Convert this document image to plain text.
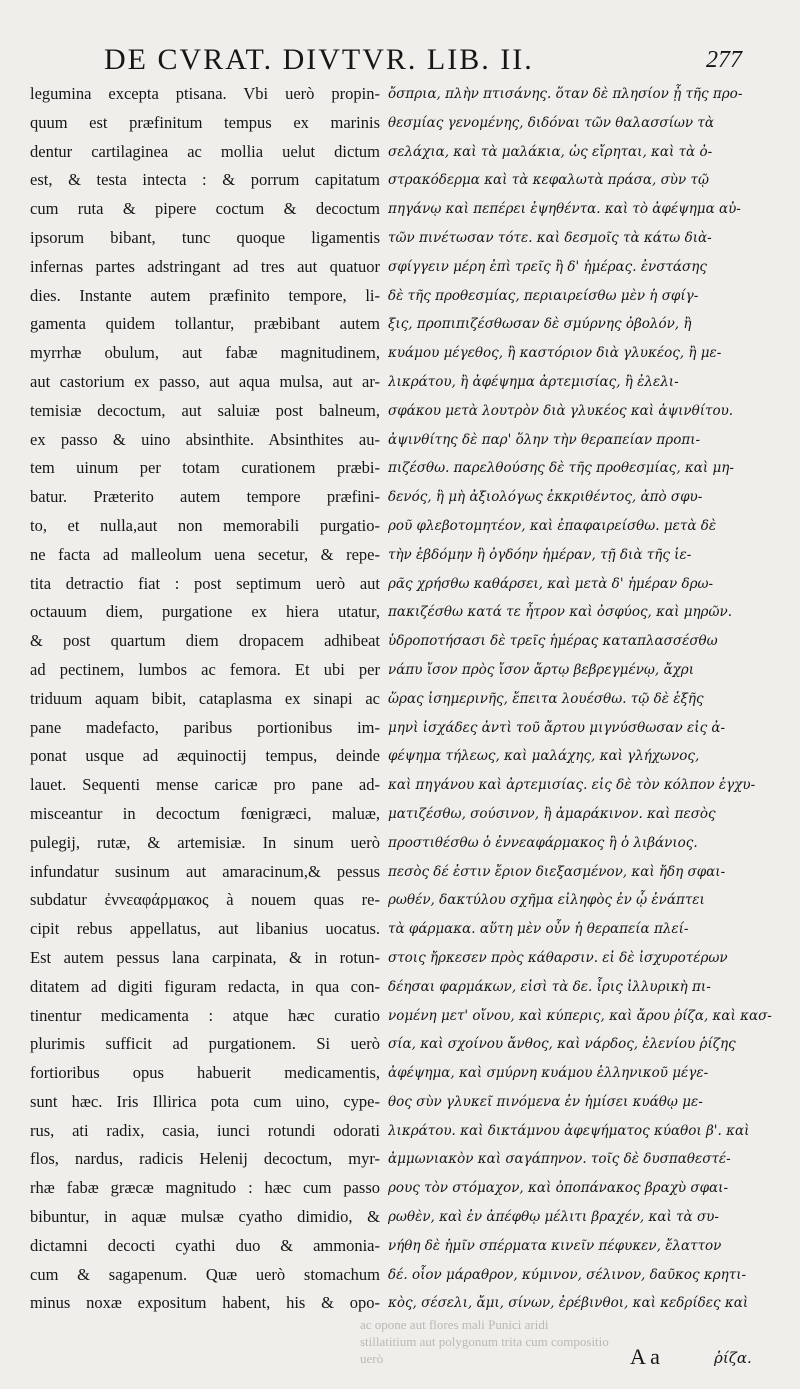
DE CVRAT. DIVTVR. LIB. II.	277
legumina excepta ptisana. Vbi uerò propin-
quum est præfinitum tempus ex marinis
dentur cartilaginea ac mollia uelut dictum
est, & testa intecta : & porrum capitatum
cum ruta & pipere coctum & decoctum
ipsorum bibant, tunc quoque ligamentis
infernas partes adstringant ad tres aut quatuor
dies. Instante autem præfinito tempore, li-
gamenta quidem tollantur, præbibant autem
myrrhæ obulum, aut fabæ magnitudinem,
aut castorium ex passo, aut aqua mulsa, aut ar-
temisiæ decoctum, aut saluiæ post balneum,
ex passo & uino absinthite. Absinthites au-
tem uinum per totam curationem præbi-
batur. Præterito autem tempore præfini-
to, et nulla,aut non memorabili purgatio-
ne facta ad malleolum uena secetur, & repe-
tita detractio fiat : post septimum uerò aut
octauum diem, purgatione ex hiera utatur,
& post quartum diem dropacem adhibeat
ad pectinem, lumbos ac femora. Et ubi per
triduum aquam bibit, cataplasma ex sinapi ac
pane madefacto, paribus portionibus im-
ponat usque ad æquinoctij tempus, deinde
lauet. Sequenti mense caricæ pro pane ad-
misceantur in decoctum fœnigræci, maluæ,
pulegij, rutæ, & artemisiæ. In sinum uerò
infundatur susinum aut amaracinum,& pessus
subdatur ἐννεαφάρμακος à nouem quas re-
cipit rebus appellatus, aut libanius uocatus.
Est autem pessus lana carpinata, & in rotun-
ditatem ad digiti figuram redacta, in qua con-
tinentur medicamenta : atque hæc curatio
plurimis sufficit ad purgationem. Si uerò
fortioribus opus habuerit medicamentis,
sunt hæc. Iris Illirica pota cum uino, cype-
rus, ati radix, casia, iunci rotundi odorati
flos, nardus, radicis Helenij decoctum, myr-
rhæ fabæ græcæ magnitudo : hæc cum passo
bibuntur, in aquæ mulsæ cyatho dimidio, &
dictamni decocti cyathi duo & ammonia-
cum & sagapenum. Quæ uerò stomachum
minus noxæ expositum habent, his & opo-
ὄσπρια, πλὴν πτισάνης. ὅταν δὲ πλησίον ᾖ τῆς προ-
θεσμίας γενομένης, διδόναι τῶν θαλασσίων τὰ
σελάχια, καὶ τὰ μαλάκια, ὡς εἴρηται, καὶ τὰ ὀ-
στρακόδερμα καὶ τὰ κεφαλωτὰ πράσα, σὺν τῷ
πηγάνῳ καὶ πεπέρει ἑψηθέντα. καὶ τὸ ἀφέψημα αὐ-
τῶν πινέτωσαν τότε. καὶ δεσμοῖς τὰ κάτω διὰ-
σφίγγειν μέρη ἐπὶ τρεῖς ἢ δ' ἡμέρας. ἐνστάσης
δὲ τῆς προθεσμίας, περιαιρείσθω μὲν ἡ σφίγ-
ξις, προπιπιζέσθωσαν δὲ σμύρνης ὀβολόν, ἢ
κυάμου μέγεθος, ἢ καστόριον διὰ γλυκέος, ἢ με-
λικράτου, ἢ ἀφέψημα ἀρτεμισίας, ἢ ἐλελι-
σφάκου μετὰ λουτρὸν διὰ γλυκέος καὶ ἀψινθίτου.
ἀψινθίτης δὲ παρ' ὅλην τὴν θεραπείαν προπι-
πιζέσθω. παρελθούσης δὲ τῆς προθεσμίας, καὶ μη-
δενός, ἢ μὴ ἀξιολόγως ἐκκριθέντος, ἀπὸ σφυ-
ροῦ φλεβοτομητέον, καὶ ἐπαφαιρείσθω. μετὰ δὲ
τὴν ἑβδόμην ἢ ὀγδόην ἡμέραν, τῇ διὰ τῆς ἱε-
ρᾶς χρήσθω καθάρσει, καὶ μετὰ δ' ἡμέραν δρω-
πακιζέσθω κατά τε ἦτρον καὶ ὀσφύος, καὶ μηρῶν.
ὑδροποτήσασι δὲ τρεῖς ἡμέρας καταπλασσέσθω
νάπυ ἴσον πρὸς ἴσον ἄρτῳ βεβρεγμένῳ, ἄχρι
ὥρας ἰσημερινῆς, ἔπειτα λουέσθω. τῷ δὲ ἑξῆς
μηνὶ ἰσχάδες ἀντὶ τοῦ ἄρτου μιγνύσθωσαν εἰς ἀ-
φέψημα τήλεως, καὶ μαλάχης, καὶ γλήχωνος,
καὶ πηγάνου καὶ ἀρτεμισίας. εἰς δὲ τὸν κόλπον ἐγχυ-
ματιζέσθω, σούσινον, ἢ ἀμαράκινον. καὶ πεσὸς
προστιθέσθω ὁ ἐννεαφάρμακος ἢ ὁ λιβάνιος.
πεσὸς δέ ἐστιν ἔριον διεξασμένον, καὶ ἤδη σφαι-
ρωθέν, δακτύλου σχῆμα εἰληφὸς ἐν ᾧ ἐνάπτει
τὰ φάρμακα. αὕτη μὲν οὖν ἡ θεραπεία πλεί-
στοις ἤρκεσεν πρὸς κάθαρσιν. εἰ δὲ ἰσχυροτέρων
δέησαι φαρμάκων, εἰσὶ τὰ δε. ἶρις ἰλλυρικὴ πι-
νομένη μετ' οἴνου, καὶ κύπερις, καὶ ἄρου ῥίζα, καὶ κασ-
σία, καὶ σχοίνου ἄνθος, καὶ νάρδος, ἑλενίου ῥίζης
ἀφέψημα, καὶ σμύρνη κυάμου ἑλληνικοῦ μέγε-
θος σὺν γλυκεῖ πινόμενα ἐν ἡμίσει κυάθῳ με-
λικράτου. καὶ δικτάμνου ἀφεψήματος κύαθοι β'. καὶ
ἀμμωνιακὸν καὶ σαγάπηνον. τοῖς δὲ δυσπαθεστέ-
ρους τὸν στόμαχον, καὶ ὀποπάνακος βραχὺ σφαι-
ρωθὲν, καὶ ἐν ἀπέφθῳ μέλιτι βραχέν, καὶ τὰ συ-
νήθη δὲ ἡμῖν σπέρματα κινεῖν πέφυκεν, ἔλαττον
δέ. οἷον μάραθρον, κύμινον, σέλινον, δαῦκος κρητι-
κὸς, σέσελι, ἄμι, σίνων, ἐρέβινθοι, καὶ κεδρίδες καὶ
ac opone aut flores mali Punici aridi
stillatitium aut polygonum trita cum compositio
uerò	A a	ῥίζα.
